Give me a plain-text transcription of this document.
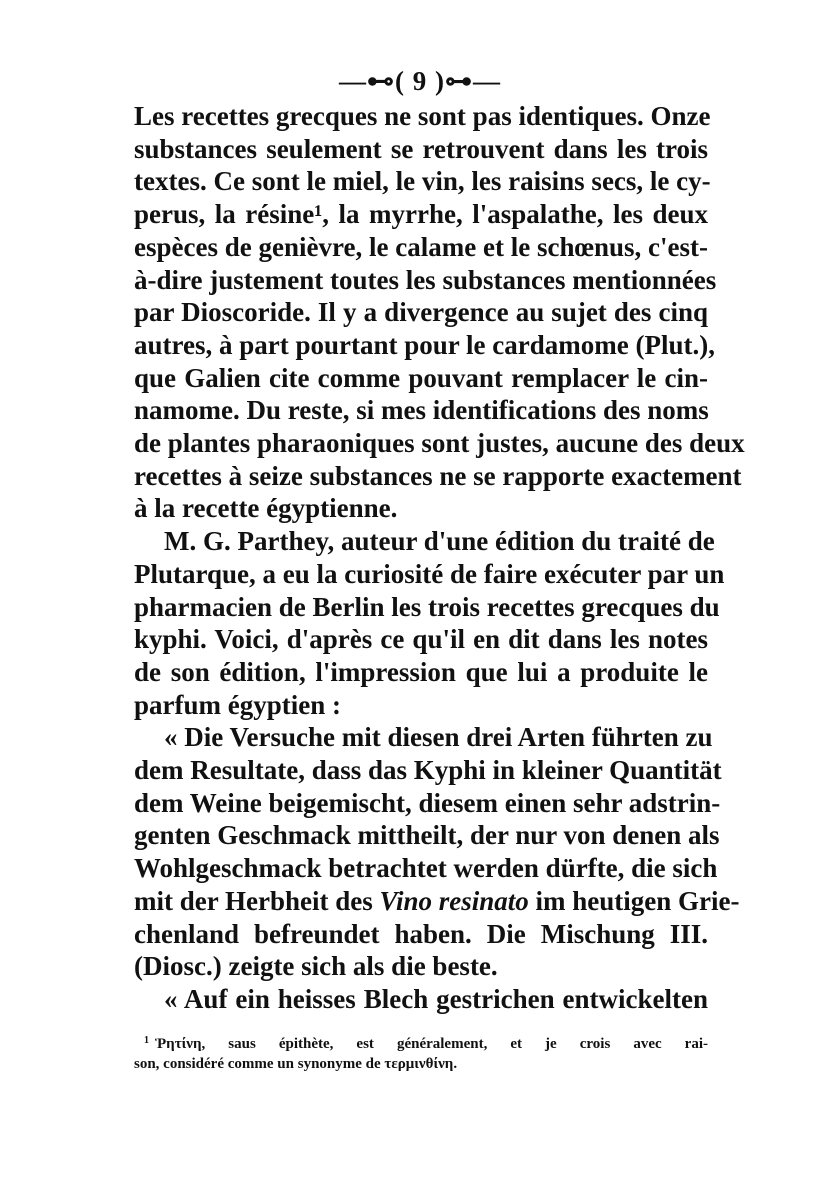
—⊷( 9 )⊶—
Les recettes grecques ne sont pas identiques. Onze
substances seulement se retrouvent dans les trois
textes. Ce sont le miel, le vin, les raisins secs, le cy-
perus, la résine¹, la myrrhe, l'aspalathe, les deux
espèces de genièvre, le calame et le schœnus, c'est-
à-dire justement toutes les substances mentionnées
par Dioscoride. Il y a divergence au sujet des cinq
autres, à part pourtant pour le cardamome (Plut.),
que Galien cite comme pouvant remplacer le cin-
namome. Du reste, si mes identifications des noms
de plantes pharaoniques sont justes, aucune des deux
recettes à seize substances ne se rapporte exactement
à la recette égyptienne.
M. G. Parthey, auteur d'une édition du traité de
Plutarque, a eu la curiosité de faire exécuter par un
pharmacien de Berlin les trois recettes grecques du
kyphi. Voici, d'après ce qu'il en dit dans les notes
de son édition, l'impression que lui a produite le
parfum égyptien :
« Die Versuche mit diesen drei Arten führten zu
dem Resultate, dass das Kyphi in kleiner Quantität
dem Weine beigemischt, diesem einen sehr adstrin-
genten Geschmack mittheilt, der nur von denen als
Wohlgeschmack betrachtet werden dürfte, die sich
mit der Herbheit des Vino resinato im heutigen Grie-
chenland befreundet haben. Die Mischung III.
(Diosc.) zeigte sich als die beste.
« Auf ein heisses Blech gestrichen entwickelten
$^1$ Ῥητίνη, saus épithète, est généralement, et je crois avec rai-
son, considéré comme un synonyme de τερμινθίνη.
